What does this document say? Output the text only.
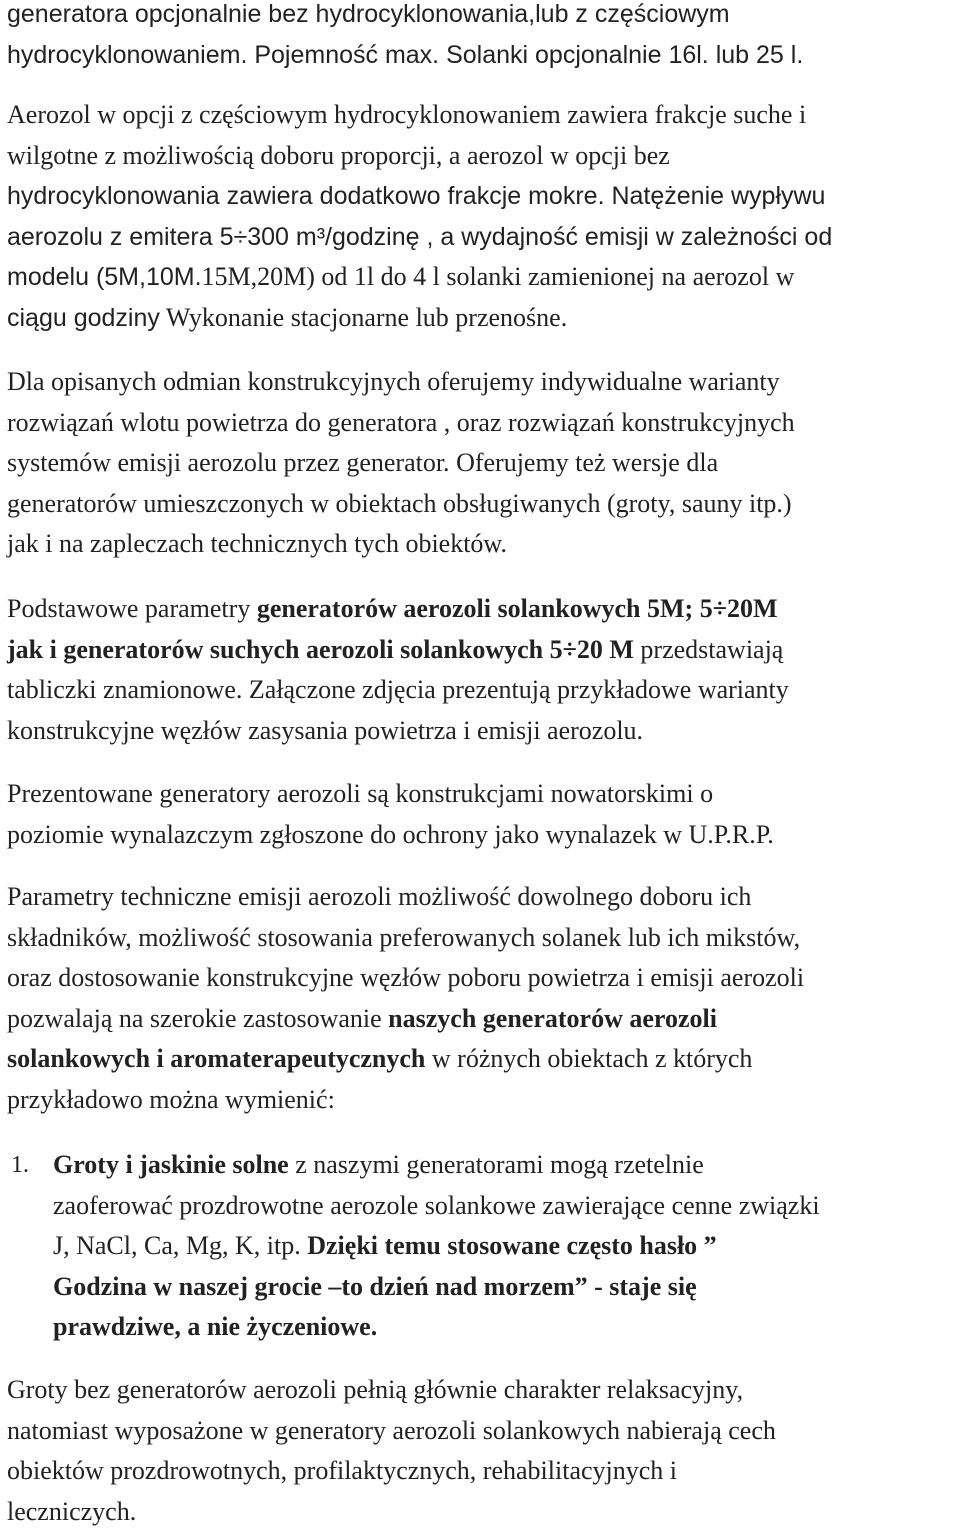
generatora opcjonalnie bez hydrocyklonowania,lub z częściowym
hydrocyklonowaniem. Pojemność max. Solanki opcjonalnie 16l. lub 25 l.

Aerozol w opcji z częściowym hydrocyklonowaniem zawiera frakcje suche i
wilgotne z możliwością doboru proporcji, a aerozol w opcji bez
hydrocyklonowania zawiera dodatkowo frakcje mokre. Natężenie wypływu
aerozolu z emitera 5÷300 m³/godzinę , a wydajność emisji w zależności od
modelu (5M,10M.15M,20M) od 1l do 4 l solanki zamienionej na aerozol w
ciągu godziny Wykonanie stacjonarne lub przenośne.

Dla opisanych odmian konstrukcyjnych oferujemy indywidualne warianty
rozwiązań wlotu powietrza do generatora , oraz rozwiązań konstrukcyjnych
systemów emisji aerozolu przez generator. Oferujemy też wersje dla
generatorów umieszczonych w obiektach obsługiwanych (groty, sauny itp.)
jak i na zapleczach technicznych tych obiektów.

Podstawowe parametry generatorów aerozoli solankowych 5M; 5÷20M
jak i generatorów suchych aerozoli solankowych 5÷20 M przedstawiają
tabliczki znamionowe. Załączone zdjęcia prezentują przykładowe warianty
konstrukcyjne węzłów zasysania powietrza i emisji aerozolu.

Prezentowane generatory aerozoli są konstrukcjami nowatorskimi o
poziomie wynalazczym zgłoszone do ochrony jako wynalazek w U.P.R.P.

Parametry techniczne emisji aerozoli możliwość dowolnego doboru ich
składników, możliwość stosowania preferowanych solanek lub ich mikstów,
oraz dostosowanie konstrukcyjne węzłów poboru powietrza i emisji aerozoli
pozwalają na szerokie zastosowanie naszych generatorów aerozoli
solankowych i aromaterapeutycznych w różnych obiektach z których
przykładowo można wymienić:

1. Groty i jaskinie solne z naszymi generatorami mogą rzetelnie
zaoferować prozdrowotne aerozole solankowe zawierające cenne związki
J, NaCl, Ca, Mg, K, itp. Dzięki temu stosowane często hasło ”
Godzina w naszej grocie –to dzień nad morzem” - staje się
prawdziwe, a nie życzeniowe.

Groty bez generatorów aerozoli pełnią głównie charakter relaksacyjny,
natomiast wyposażone w generatory aerozoli solankowych nabierają cech
obiektów prozdrowotnych, profilaktycznych, rehabilitacyjnych i
leczniczych.
